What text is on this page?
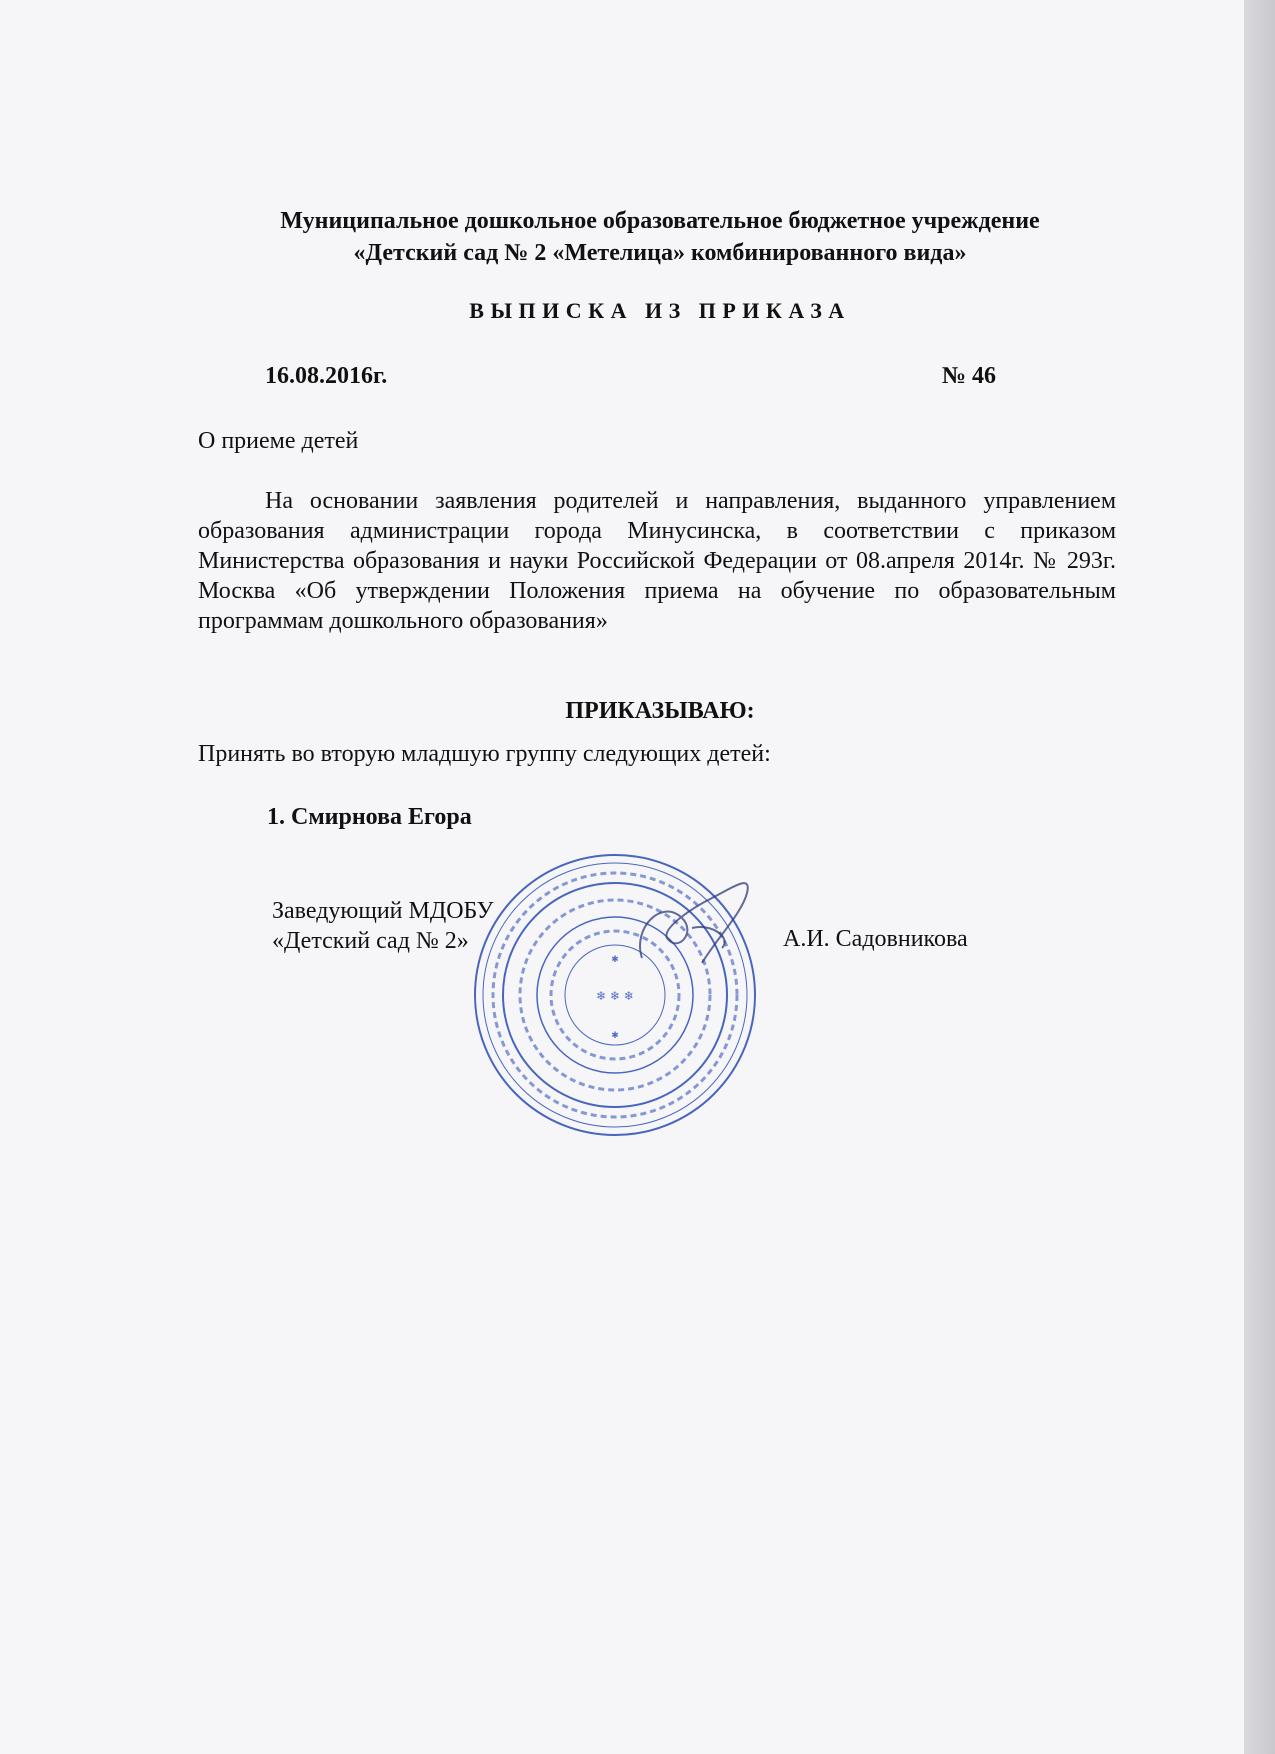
Муниципальное дошкольное образовательное бюджетное учреждение
«Детский сад № 2 «Метелица» комбинированного вида»
ВЫПИСКА ИЗ ПРИКАЗА
16.08.2016г.	№ 46
О приеме детей
На основании заявления родителей и направления, выданного управлением образования администрации города Минусинска, в соответствии с приказом Министерства образования и науки Российской Федерации от 08.апреля 2014г. № 293г. Москва «Об утверждении Положения приема на обучение по образовательным программам дошкольного образования»
ПРИКАЗЫВАЮ:
Принять во вторую младшую группу следующих детей:
1. Смирнова Егора
Заведующий МДОБУ
«Детский сад № 2»
❄ ❄ ❄
✱
✱
А.И. Садовникова
